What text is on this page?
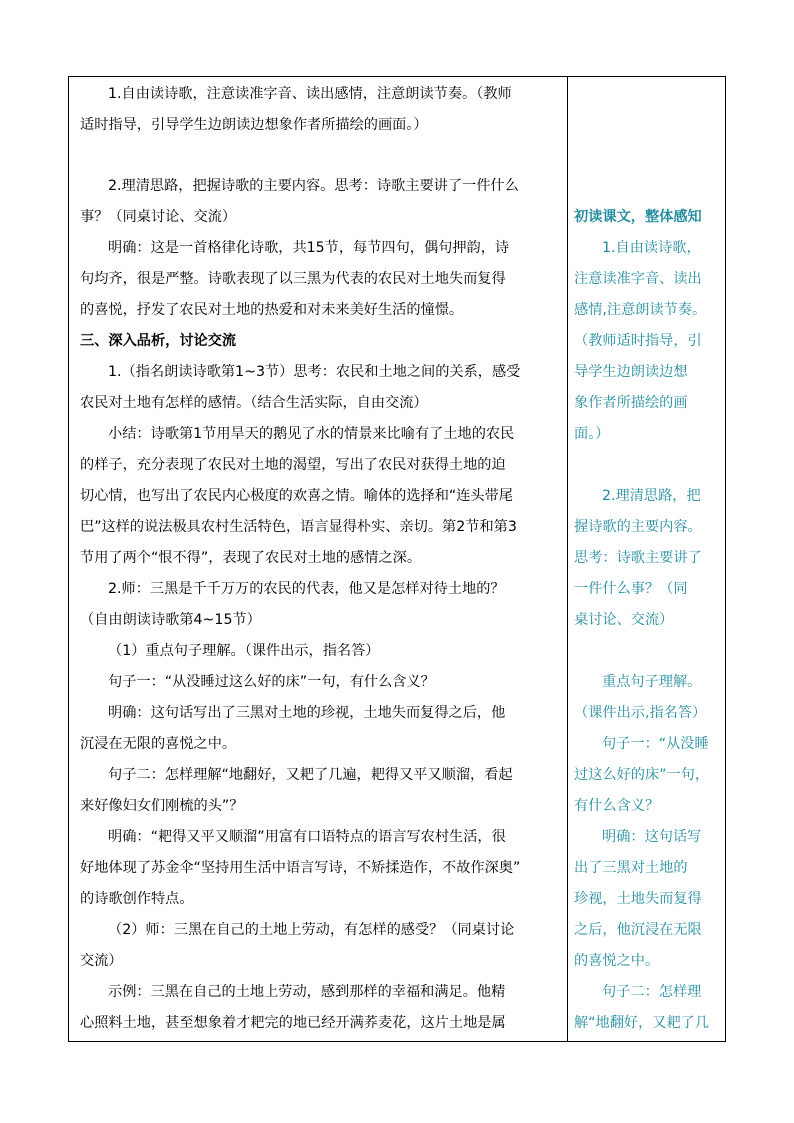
1.自由读诗歌，注意读准字音、读出感情，注意朗读节奏。（教师
适时指导，引导学生边朗读边想象作者所描绘的画面。）

2.理清思路，把握诗歌的主要内容。思考：诗歌主要讲了一件什么
事？（同桌讨论、交流）

明确：这是一首格律化诗歌，共15节，每节四句，偶句押韵，诗
句均齐，很是严整。诗歌表现了以三黑为代表的农民对土地失而复得
的喜悦，抒发了农民对土地的热爱和对未来美好生活的憧憬。

三、深入品析，讨论交流

1.（指名朗读诗歌第1~3节）思考：农民和土地之间的关系，感受
农民对土地有怎样的感情。（结合生活实际，自由交流）

小结：诗歌第1节用旱天的鹅见了水的情景来比喻有了土地的农民
的样子，充分表现了农民对土地的渴望，写出了农民对获得土地的迫
切心情，也写出了农民内心极度的欢喜之情。喻体的选择和“连头带尾
巴”这样的说法极具农村生活特色，语言显得朴实、亲切。第2节和第3
节用了两个“恨不得”，表现了农民对土地的感情之深。

2.师：三黑是千千万万的农民的代表，他又是怎样对待土地的？
（自由朗读诗歌第4~15节）

（1）重点句子理解。（课件出示，指名答）

句子一：“从没睡过这么好的床”一句，有什么含义？

明确：这句话写出了三黑对土地的珍视，土地失而复得之后，他
沉浸在无限的喜悦之中。

句子二：怎样理解“地翻好，又耙了几遍，耙得又平又顺溜，看起
来好像妇女们刚梳的头”？

明确：“耙得又平又顺溜”用富有口语特点的语言写农村生活，很
好地体现了苏金伞“坚持用生活中语言写诗，不矫揉造作，不故作深奥”
的诗歌创作特点。

（2）师：三黑在自己的土地上劳动，有怎样的感受？（同桌讨论
交流）

示例：三黑在自己的土地上劳动，感到那样的幸福和满足。他精
心照料土地，甚至想象着才耙完的地已经开满荞麦花，这片土地是属

初读课文，整体感知

1.自由读诗歌，
注意读准字音、读出
感情,注意朗读节奏。
（教师适时指导，引
导学生边朗读边想
象作者所描绘的画
面。）

2.理清思路，把
握诗歌的主要内容。
思考：诗歌主要讲了
一件什么事？（同
桌讨论、交流）

重点句子理解。
（课件出示,指名答）

句子一：“从没睡
过这么好的床”一句，
有什么含义？

明确：这句话写
出了三黑对土地的
珍视，土地失而复得
之后，他沉浸在无限
的喜悦之中。

句子二：怎样理
解“地翻好，又耙了几
